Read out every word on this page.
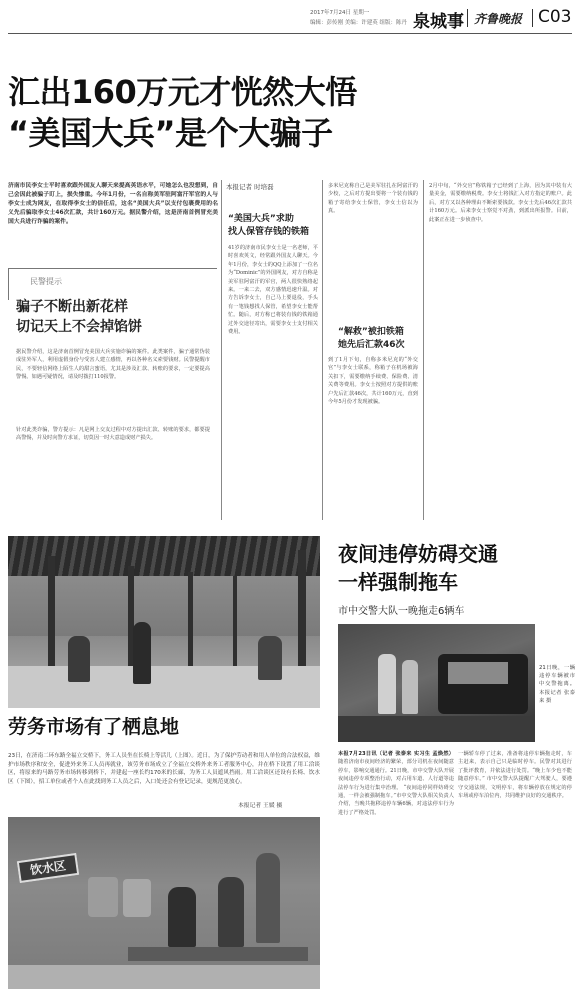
2017年7月24日 星期一
编辑：彭传刚 美编：许建英 组版：陈丹 泉城事 齐鲁晚报 C03
汇出160万元才恍然大悟
“美国大兵”是个大骗子
济南市民李女士平时喜欢跟外国友人聊天来提高英语水平，可她怎么也没想到，自己会因此被骗子盯上，损失惨重。今年1月份，一名自称美军驻阿富汗军官的人与李女士成为网友，在取得李女士的信任后，这名“美国大兵”以支付包裹费用的名义先后骗取李女士46次汇款，共计160万元。据民警介绍，这是济南首例冒充美国大兵进行诈骗的案件。
本报记者 时培磊
民警提示
骗子不断出新花样
切记天上不会掉馅饼
据民警介绍，这是济南首例冒充美国大兵实施诈骗的案件。此类案件，骗子通常伪装成驻外军人，利用虚假身份与受害人建立感情，再以各种名义索要钱财。民警提醒市民，不要轻信网络上陌生人的甜言蜜语，尤其是涉及汇款、转账的要求，一定要提高警惕。如遇可疑情况，请及时拨打110报警。
针对此类诈骗，警方提示：凡是网上交友过程中对方提出汇款、转账的要求，都要提高警惕，并及时向警方求证，切莫因一时大意造成财产损失。
“美国大兵”求助
找人保管存钱的铁箱
41岁的济南市民李女士是一名老师，平时喜欢英文，经常跟外国友人聊天。今年1月份，李女士的QQ上添加了一位名为“Dominic”的外国网友，对方自称是美军驻阿富汗的军官，两人很快熟络起来。一来二去，双方感情迅速升温。对方告诉李女士，自己马上要退役，手头有一笔钱想找人保管，希望李女士能帮忙。随后，对方称已将装有钱的铁箱通过外交途径寄出，需要李女士支付相关费用。
多米尼克称自己是美军驻扎在阿富汗的少校，之后对方提出要将一个装有钱的箱子寄给李女士保管，李女士信以为真。
“解救”被扣铁箱
她先后汇款46次
到了1月下旬，自称多米尼克的“外交官”与李女士联系，称箱子在机场被海关扣下，需要缴纳手续费、保险费、清关费等费用。李女士按照对方提供的账户先后汇款46次，共计160万元，直到今年5月份才发现被骗。
2月中旬，“外交官”称铁箱子已经到了上海，因为其中装有大量美金，需要缴纳税费。李女士将钱汇入对方指定的账户。此后，对方又以各种理由不断索要钱款。李女士先后46次汇款共计160万元。后来李女士察觉不对劲，到派出所报警。目前，此案正在进一步侦查中。
劳务市场有了栖息地
23日，在济南二环东路全福立交桥下，务工人员坐在长椅上等活儿（上图）。近日，为了保护劳动者和用人单位的合法权益，维护市场秩序和安全，促进外来务工人员再就业，该劳务市场成立了全福立交桥外来务工者服务中心，并在桥下设置了用工洽谈区，将原来的马路劳务市场转移到桥下，并建起一座长约170米的长廊，为务工人员遮风挡雨。用工洽谈区还设有长椅、饮水区（下图），招工单位或者个人在此找到务工人员之后，入口处还会有登记记录，更规范更放心。
本报记者 王媛 摄
饮水区
夜间违停妨碍交通
一样强制拖车
市中交警大队一晚拖走6辆车
21日晚，一辆违停车辆被市中交警拖离。本报记者 张泰来 摄
本报7月23日讯（记者 张泰来 实习生 孟焕然） 随着济南市夜间经济的繁荣，部分司机在夜间随意停车，影响交通通行。21日晚，市中交警大队开展夜间违停专项整治行动，对占用车道、人行道等违法停车行为进行集中治理。 “夜间违停同样妨碍交通，一样会被强制拖车。”市中交警大队相关负责人介绍，当晚共拖移违停车辆6辆，对违法停车行为进行了严格处罚。
一辆轿车停了过来，准备将违停车辆拖走时，车主赶来，表示自己只是临时停车。民警对其进行了批评教育，并依法进行处罚。“晚上车少也不能随意停车。” 市中交警大队提醒广大驾驶人，要遵守交通法规，文明停车，将车辆停放在规定的停车场或停车泊位内，共同维护良好的交通秩序。
